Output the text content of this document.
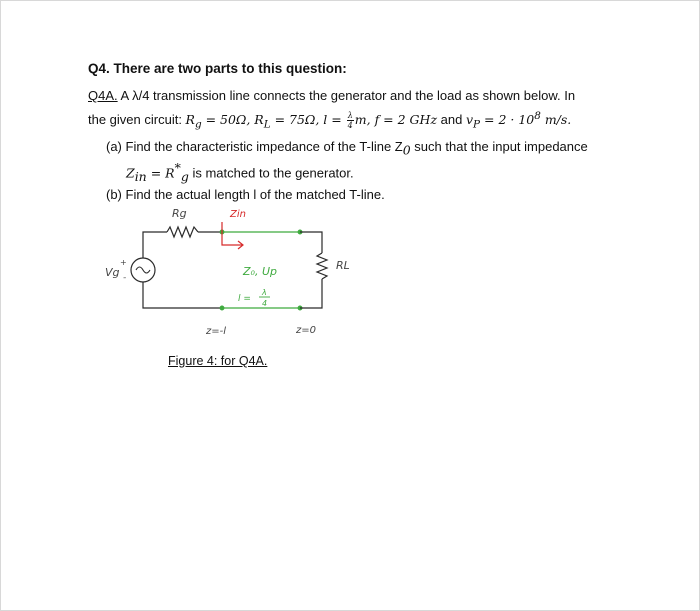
Q4. There are two parts to this question:
Q4A. A λ/4 transmission line connects the generator and the load as shown below. In
the given circuit: $R_g = 50\Omega$, $R_L = 75\Omega$, $l = \frac{\lambda}{4} m$, f = 2 GHz and $v_P = 2 \cdot 10^8$ m/s.
(a) Find the characteristic impedance of the T-line $Z_0$ such that the input impedance
$Z_{in} = R^*_g$ is matched to the generator.
(b) Find the actual length l of the matched T-line.
Rg	Zin
Vg
+
-	Z₀, Up
l =
λ
4
RL
z=-l	z=0
Figure 4: for Q4A.
